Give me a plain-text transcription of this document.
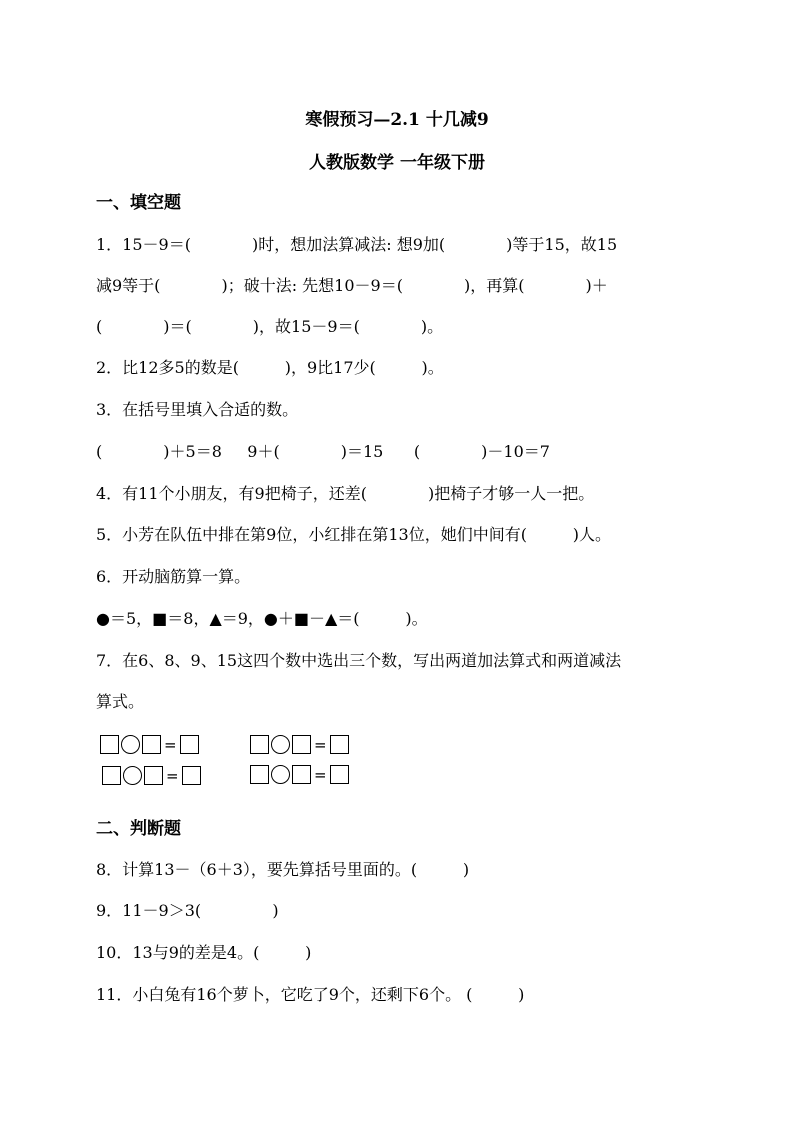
寒假预习—2.1 十几减9
人教版数学 一年级下册
一、填空题
1．15－9＝(            )时，想加法算减法: 想9加(            )等于15，故15
减9等于(            )；破十法: 先想10－9＝(            )，再算(            )＋
(            )＝(            )，故15－9＝(            )。
2．比12多5的数是(         )，9比17少(         )。
3．在括号里填入合适的数。
(            )＋5＝8     9＋(            )＝15      (            )－10＝7
4．有11个小朋友，有9把椅子，还差(            )把椅子才够一人一把。
5．小芳在队伍中排在第9位，小红排在第13位，她们中间有(         )人。
6．开动脑筋算一算。
●＝5，■＝8，▲＝9，●＋■－▲＝(         )。
7．在6、8、9、15这四个数中选出三个数，写出两道加法算式和两道减法
算式。
=	=
=	=
二、判断题
8．计算13－（6＋3），要先算括号里面的。(         )
9．11－9＞3(              )
10．13与9的差是4。(         )
11．小白兔有16个萝卜，它吃了9个，还剩下6个。 (         )
